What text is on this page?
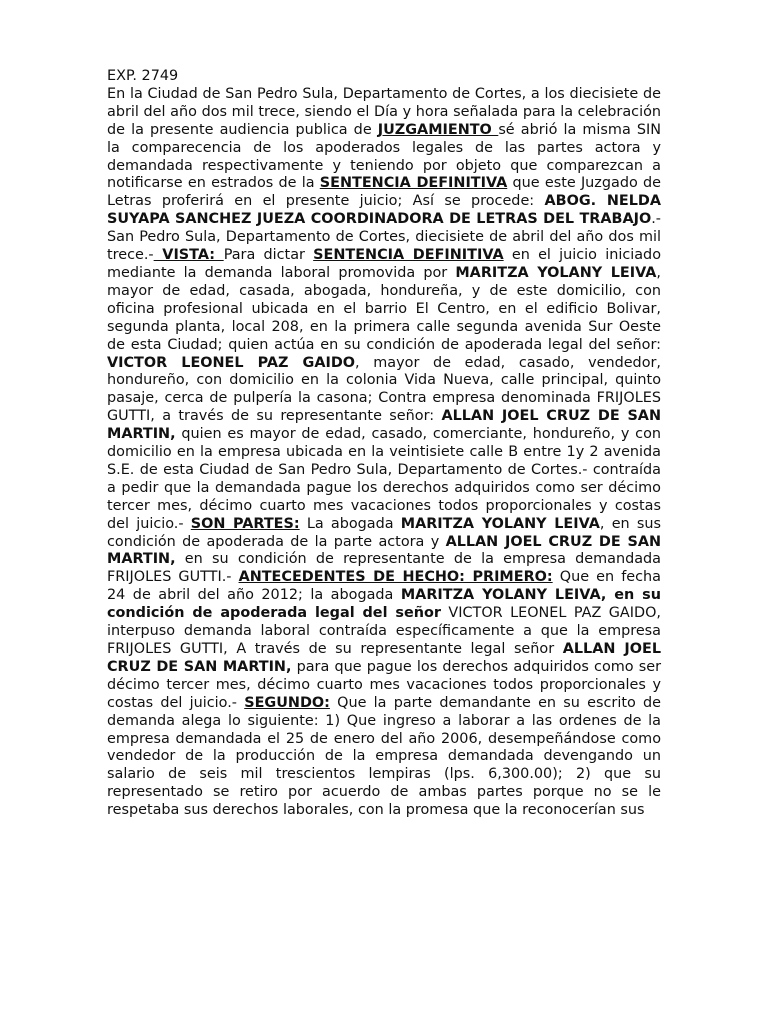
EXP. 2749

En la Ciudad de San Pedro Sula, Departamento de Cortes, a los diecisiete de abril del año dos mil trece, siendo el Día y hora señalada para la celebración de la presente audiencia publica de JUZGAMIENTO sé abrió la misma SIN la comparecencia de los apoderados legales de las partes actora y demandada respectivamente y teniendo por objeto que comparezcan a notificarse en estrados de la SENTENCIA DEFINITIVA que este Juzgado de Letras proferirá en el presente juicio; Así se procede: ABOG. NELDA SUYAPA SANCHEZ JUEZA COORDINADORA DE LETRAS DEL TRABAJO.- San Pedro Sula, Departamento de Cortes, diecisiete de abril del año dos mil trece.- VISTA: Para dictar SENTENCIA DEFINITIVA en el juicio iniciado mediante la demanda laboral promovida por MARITZA YOLANY LEIVA, mayor de edad, casada, abogada, hondureña, y de este domicilio, con oficina profesional ubicada en el barrio El Centro, en el edificio Bolivar, segunda planta, local 208, en la primera calle segunda avenida Sur Oeste de esta Ciudad; quien actúa en su condición de apoderada legal del señor: VICTOR LEONEL PAZ GAIDO, mayor de edad, casado, vendedor, hondureño, con domicilio en la colonia Vida Nueva, calle principal, quinto pasaje, cerca de pulpería la casona; Contra empresa denominada FRIJOLES GUTTI, a través de su representante señor: ALLAN JOEL CRUZ DE SAN MARTIN, quien es mayor de edad, casado, comerciante, hondureño, y con domicilio en la empresa ubicada en la veintisiete calle B entre 1y 2 avenida S.E. de esta Ciudad de San Pedro Sula, Departamento de Cortes.- contraída a pedir que la demandada pague los derechos adquiridos como ser décimo tercer mes, décimo cuarto mes vacaciones todos proporcionales y costas del juicio.- SON PARTES: La abogada MARITZA YOLANY LEIVA, en sus condición de apoderada de la parte actora y ALLAN JOEL CRUZ DE SAN MARTIN, en su condición de representante de la empresa demandada FRIJOLES GUTTI.- ANTECEDENTES DE HECHO: PRIMERO: Que en fecha 24 de abril del año 2012; la abogada MARITZA YOLANY LEIVA, en su condición de apoderada legal del señor VICTOR LEONEL PAZ GAIDO, interpuso demanda laboral contraída específicamente a que la empresa FRIJOLES GUTTI, A través de su representante legal señor ALLAN JOEL CRUZ DE SAN MARTIN, para que pague los derechos adquiridos como ser décimo tercer mes, décimo cuarto mes vacaciones todos proporcionales y costas del juicio.- SEGUNDO: Que la parte demandante en su escrito de demanda alega lo siguiente: 1) Que ingreso a laborar a las ordenes de la empresa demandada el 25 de enero del año 2006, desempeñándose como vendedor de la producción de la empresa demandada devengando un salario de seis mil trescientos lempiras (lps. 6,300.00); 2) que su representado se retiro por acuerdo de ambas partes porque no se le respetaba sus derechos laborales, con la promesa que la reconocerían sus
